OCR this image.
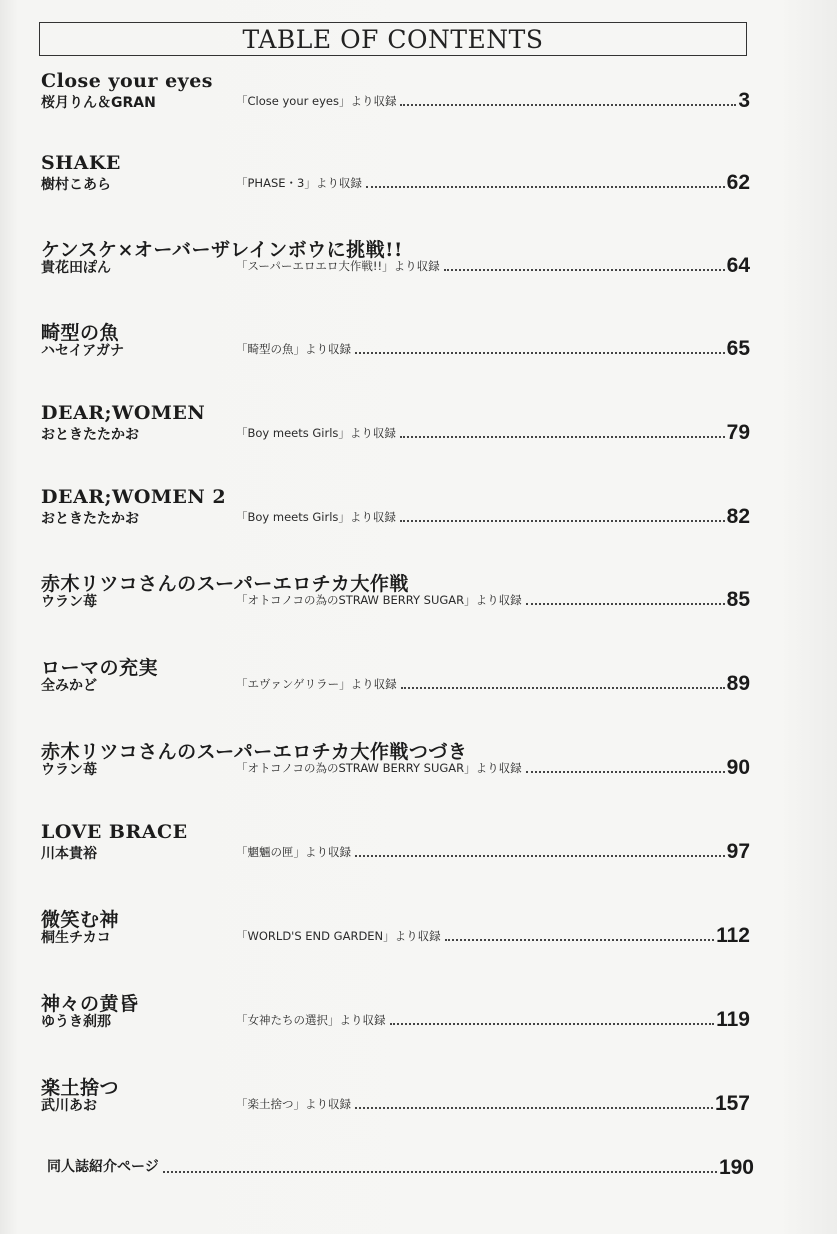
TABLE OF CONTENTS
Close your eyes
桜月りん＆GRAN	「Close your eyes」より収録	3
SHAKE
樹村こあら	「PHASE・3」より収録	62
ケンスケ×オーバーザレインボウに挑戦!!
貴花田ぽん	「スーパーエロエロ大作戦!!」より収録	64
畸型の魚
ハセイアガナ	「畸型の魚」より収録	65
DEAR;WOMEN
おときたたかお	「Boy meets Girls」より収録	79
DEAR;WOMEN 2
おときたたかお	「Boy meets Girls」より収録	82
赤木リツコさんのスーパーエロチカ大作戦
ウラン苺	「オトコノコの為のSTRAW BERRY SUGAR」より収録	85
ローマの充実
全みかど	「エヴァンゲリラー」より収録	89
赤木リツコさんのスーパーエロチカ大作戦つづき
ウラン苺	「オトコノコの為のSTRAW BERRY SUGAR」より収録	90
LOVE BRACE
川本貴裕	「魍魎の匣」より収録	97
微笑む神
桐生チカコ	「WORLD'S END GARDEN」より収録	112
神々の黄昏
ゆうき刹那	「女神たちの選択」より収録	119
楽土捨つ
武川あお	「楽土捨つ」より収録	157
同人誌紹介ページ	190
